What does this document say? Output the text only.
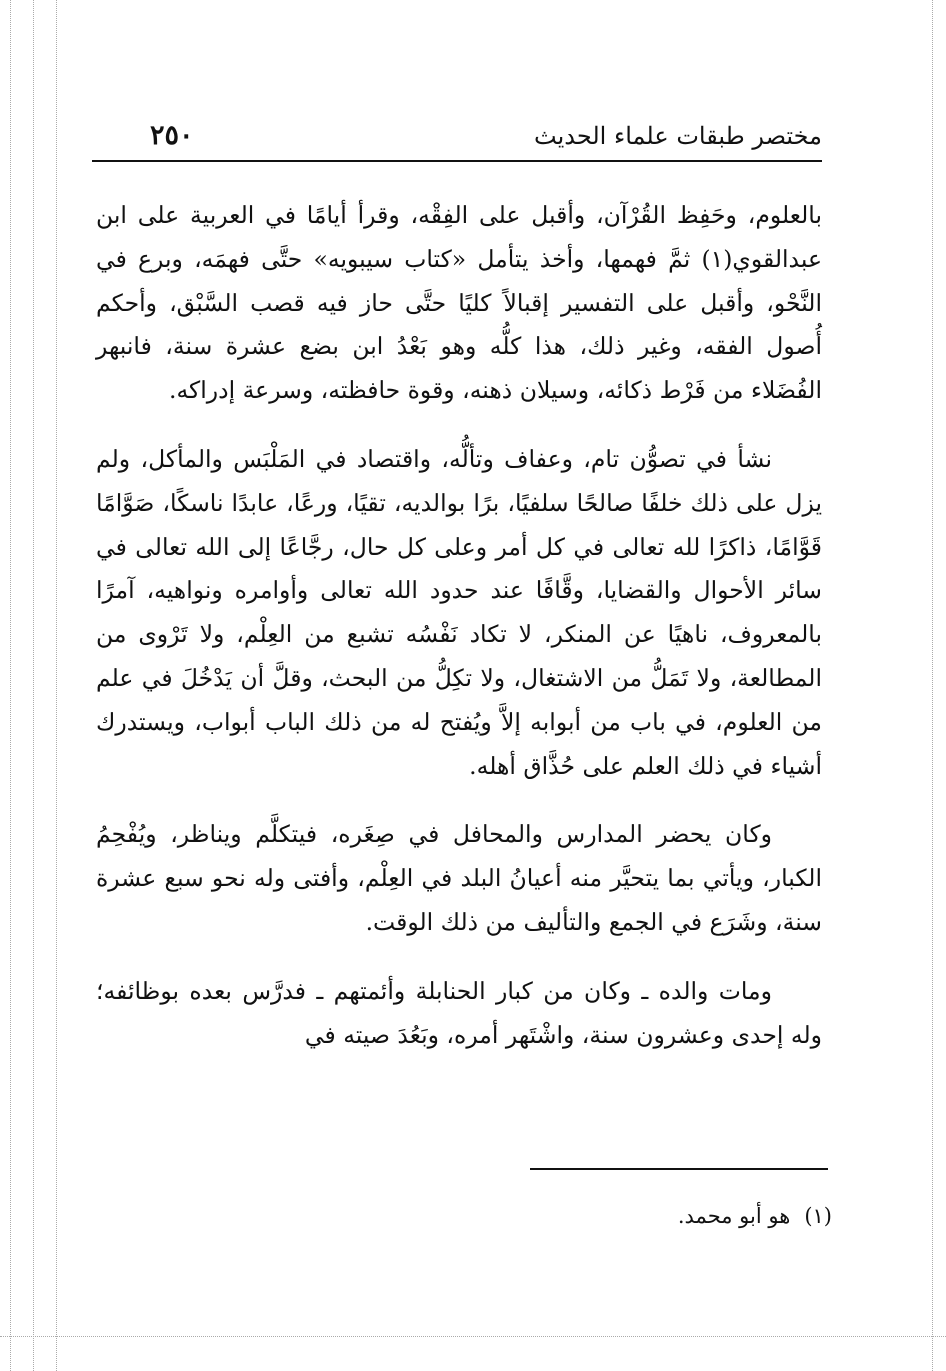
٢٥٠	مختصر طبقات علماء الحديث

بالعلوم، وحَفِظ القُرْآن، وأقبل على الفِقْه، وقرأ أيامًا في العربية على ابن عبدالقوي(١) ثمَّ فهمها، وأخذ يتأمل «كتاب سيبويه» حتَّى فهمَه، وبرع في النَّحْو، وأقبل على التفسير إقبالاً كليًا حتَّى حاز فيه قصب السَّبْق، وأحكم أُصول الفقه، وغير ذلك، هذا كلُّه وهو بَعْدُ ابن بضع عشرة سنة، فانبهر الفُضَلاء من فَرْط ذكائه، وسيلان ذهنه، وقوة حافظته، وسرعة إدراكه.

نشأ في تصوُّن تام، وعفاف وتألُّه، واقتصاد في المَلْبَس والمأكل، ولم يزل على ذلك خلفًا صالحًا سلفيًا، برًا بوالديه، تقيًا، ورعًا، عابدًا ناسكًا، صَوَّامًا قَوَّامًا، ذاكرًا لله تعالى في كل أمر وعلى كل حال، رجَّاعًا إلى الله تعالى في سائر الأحوال والقضايا، وقَّافًا عند حدود الله تعالى وأوامره ونواهيه، آمرًا بالمعروف، ناهيًا عن المنكر، لا تكاد نَفْسُه تشبع من العِلْم، ولا تَرْوى من المطالعة، ولا تَمَلُّ من الاشتغال، ولا تكِلُّ من البحث، وقلَّ أن يَدْخُلَ في علم من العلوم، في باب من أبوابه إلاَّ ويُفتح له من ذلك الباب أبواب، ويستدرك أشياء في ذلك العلم على حُذَّاق أهله.

وكان يحضر المدارس والمحافل في صِغَره، فيتكلَّم ويناظر، ويُفْحِمُ الكبار، ويأتي بما يتحيَّر منه أعيانُ البلد في العِلْم، وأفتى وله نحو سبع عشرة سنة، وشَرَع في الجمع والتأليف من ذلك الوقت.

ومات والده ـ وكان من كبار الحنابلة وأئمتهم ـ فدرَّس بعده بوظائفه؛ وله إحدى وعشرون سنة، واشْتَهر أمره، وبَعُدَ صيته في

(١)هو أبو محمد.
